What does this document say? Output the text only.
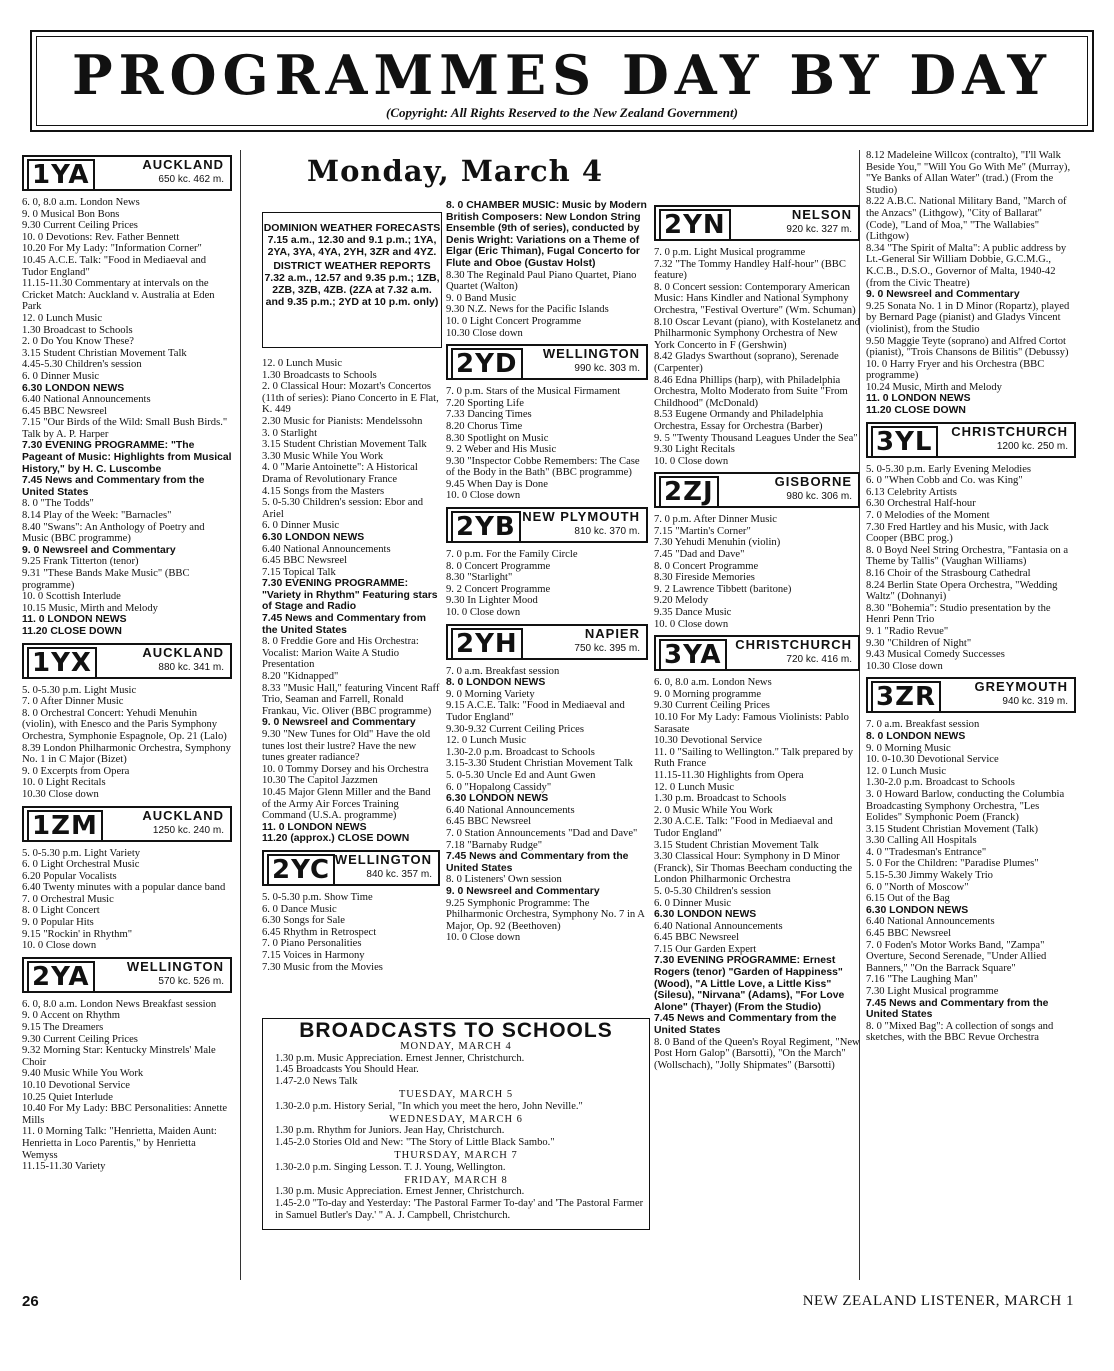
PROGRAMMES DAY BY DAY
(Copyright: All Rights Reserved to the New Zealand Government)
Monday, March 4
DOMINION WEATHER FORECASTS
7.15 a.m., 12.30 and 9.1 p.m.; 1YA, 2YA, 3YA, 4YA, 2YH, 3ZR and 4YZ.
DISTRICT WEATHER REPORTS
7.32 a.m., 12.57 and 9.35 p.m.; 1ZB, 2ZB, 3ZB, 4ZB. (2ZA at 7.32 a.m. and 9.35 p.m.; 2YD at 10 p.m. only)
1YA	AUCKLAND
650 kc. 462 m.

6. 0, 8.0 a.m. London News

9. 0 Musical Bon Bons

9.30 Current Ceiling Prices

10. 0 Devotions: Rev. Father Bennett

10.20 For My Lady: "Information Corner"

10.45 A.C.E. Talk: "Food in Mediaeval and Tudor England"

11.15-11.30 Commentary at intervals on the Cricket Match: Auckland v. Australia at Eden Park

12. 0 Lunch Music

1.30 Broadcast to Schools

2. 0 Do You Know These?

3.15 Student Christian Movement Talk

4.45-5.30 Children's session

6. 0 Dinner Music

6.30 LONDON NEWS

6.40 National Announcements

6.45 BBC Newsreel

7.15 "Our Birds of the Wild: Small Bush Birds." Talk by A. P. Harper

7.30 EVENING PROGRAMME: "The Pageant of Music: Highlights from Musical History," by H. C. Luscombe

7.45 News and Commentary from the United States

8. 0 "The Todds"

8.14 Play of the Week: "Barnacles"

8.40 "Swans": An Anthology of Poetry and Music (BBC programme)

9. 0 Newsreel and Commentary

9.25 Frank Titterton (tenor)

9.31 "These Bands Make Music" (BBC programme)

10. 0 Scottish Interlude

10.15 Music, Mirth and Melody

11. 0 LONDON NEWS

11.20 CLOSE DOWN

1YX	AUCKLAND
880 kc. 341 m.

5. 0-5.30 p.m. Light Music

7. 0 After Dinner Music

8. 0 Orchestral Concert: Yehudi Menuhin (violin), with Enesco and the Paris Symphony Orchestra, Symphonie Espagnole, Op. 21 (Lalo)

8.39 London Philharmonic Orchestra, Symphony No. 1 in C Major (Bizet)

9. 0 Excerpts from Opera

10. 0 Light Recitals

10.30 Close down

1ZM	AUCKLAND
1250 kc. 240 m.

5. 0-5.30 p.m. Light Variety

6. 0 Light Orchestral Music

6.20 Popular Vocalists

6.40 Twenty minutes with a popular dance band

7. 0 Orchestral Music

8. 0 Light Concert

9. 0 Popular Hits

9.15 "Rockin' in Rhythm"

10. 0 Close down

2YA	WELLINGTON
570 kc. 526 m.

6. 0, 8.0 a.m. London News Breakfast session

9. 0 Accent on Rhythm

9.15 The Dreamers

9.30 Current Ceiling Prices

9.32 Morning Star: Kentucky Minstrels' Male Choir

9.40 Music While You Work

10.10 Devotional Service

10.25 Quiet Interlude

10.40 For My Lady: BBC Personalities: Annette Mills

11. 0 Morning Talk: "Henrietta, Maiden Aunt: Henrietta in Loco Parentis," by Henrietta Wemyss

11.15-11.30 Variety

12. 0 Lunch Music

1.30 Broadcasts to Schools

2. 0 Classical Hour: Mozart's Concertos (11th of series): Piano Concerto in E Flat, K. 449

2.30 Music for Pianists: Mendelssohn

3. 0 Starlight

3.15 Student Christian Movement Talk

3.30 Music While You Work

4. 0 "Marie Antoinette": A Historical Drama of Revolutionary France

4.15 Songs from the Masters

5. 0-5.30 Children's session: Ebor and Ariel

6. 0 Dinner Music

6.30 LONDON NEWS

6.40 National Announcements

6.45 BBC Newsreel

7.15 Topical Talk

7.30 EVENING PROGRAMME: "Variety in Rhythm" Featuring stars of Stage and Radio

7.45 News and Commentary from the United States

8. 0 Freddie Gore and His Orchestra: Vocalist: Marion Waite A Studio Presentation

8.20 "Kidnapped"

8.33 "Music Hall," featuring Vincent Raff Trio, Seaman and Farrell, Ronald Frankau, Vic. Oliver (BBC programme)

9. 0 Newsreel and Commentary

9.30 "New Tunes for Old" Have the old tunes lost their lustre? Have the new tunes greater radiance?

10. 0 Tommy Dorsey and his Orchestra

10.30 The Capitol Jazzmen

10.45 Major Glenn Miller and the Band of the Army Air Forces Training Command (U.S.A. programme)

11. 0 LONDON NEWS

11.20 (approx.) CLOSE DOWN

2YC WELLINGTON
840 kc. 357 m.

5. 0-5.30 p.m. Show Time

6. 0 Dance Music

6.30 Songs for Sale

6.45 Rhythm in Retrospect

7. 0 Piano Personalities

7.15 Voices in Harmony

7.30 Music from the Movies

8. 0 CHAMBER MUSIC: Music by Modern British Composers: New London String Ensemble (9th of series), conducted by Denis Wright: Variations on a Theme of Elgar (Eric Thiman), Fugal Concerto for Flute and Oboe (Gustav Holst)

8.30 The Reginald Paul Piano Quartet, Piano Quartet (Walton)

9. 0 Band Music

9.30 N.Z. News for the Pacific Islands

10. 0 Light Concert Programme

10.30 Close down

2YD	WELLINGTON
990 kc. 303 m.

7. 0 p.m. Stars of the Musical Firmament

7.20 Sporting Life

7.33 Dancing Times

8.20 Chorus Time

8.30 Spotlight on Music

9. 2 Weber and His Music

9.30 "Inspector Cobbe Remembers: The Case of the Body in the Bath" (BBC programme)

9.45 When Day is Done

10. 0 Close down

2YB NEW PLYMOUTH
810 kc. 370 m.

7. 0 p.m. For the Family Circle

8. 0 Concert Programme

8.30 "Starlight"

9. 2 Concert Programme

9.30 In Lighter Mood

10. 0 Close down

2YH	NAPIER
750 kc. 395 m.

7. 0 a.m. Breakfast session

8. 0 LONDON NEWS

9. 0 Morning Variety

9.15 A.C.E. Talk: "Food in Mediaeval and Tudor England"

9.30-9.32 Current Ceiling Prices

12. 0 Lunch Music

1.30-2.0 p.m. Broadcast to Schools

3.15-3.30 Student Christian Movement Talk

5. 0-5.30 Uncle Ed and Aunt Gwen

6. 0 "Hopalong Cassidy"

6.30 LONDON NEWS

6.40 National Announcements

6.45 BBC Newsreel

7. 0 Station Announcements "Dad and Dave"

7.18 "Barnaby Rudge"

7.45 News and Commentary from the United States

8. 0 Listeners' Own session

9. 0 Newsreel and Commentary

9.25 Symphonic Programme: The Philharmonic Orchestra, Symphony No. 7 in A Major, Op. 92 (Beethoven)

10. 0 Close down

2YN	NELSON
920 kc. 327 m.

7. 0 p.m. Light Musical programme

7.32 "The Tommy Handley Half-hour" (BBC feature)

8. 0 Concert session: Contemporary American Music: Hans Kindler and National Symphony Orchestra, "Festival Overture" (Wm. Schuman)

8.10 Oscar Levant (piano), with Kostelanetz and Philharmonic Symphony Orchestra of New York Concerto in F (Gershwin)

8.42 Gladys Swarthout (soprano), Serenade (Carpenter)

8.46 Edna Phillips (harp), with Philadelphia Orchestra, Molto Moderato from Suite "From Childhood" (McDonald)

8.53 Eugene Ormandy and Philadelphia Orchestra, Essay for Orchestra (Barber)

9. 5 "Twenty Thousand Leagues Under the Sea"

9.30 Light Recitals

10. 0 Close down

2ZJ	GISBORNE
980 kc. 306 m.

7. 0 p.m. After Dinner Music

7.15 "Martin's Corner"

7.30 Yehudi Menuhin (violin)

7.45 "Dad and Dave"

8. 0 Concert Programme

8.30 Fireside Memories

9. 2 Lawrence Tibbett (baritone)

9.20 Melody

9.35 Dance Music

10. 0 Close down

3YA	CHRISTCHURCH
720 kc. 416 m.

6. 0, 8.0 a.m. London News

9. 0 Morning programme

9.30 Current Ceiling Prices

10.10 For My Lady: Famous Violinists: Pablo Sarasate

10.30 Devotional Service

11. 0 "Sailing to Wellington." Talk prepared by Ruth France

11.15-11.30 Highlights from Opera

12. 0 Lunch Music

1.30 p.m. Broadcast to Schools

2. 0 Music While You Work

2.30 A.C.E. Talk: "Food in Mediaeval and Tudor England"

3.15 Student Christian Movement Talk

3.30 Classical Hour: Symphony in D Minor (Franck), Sir Thomas Beecham conducting the London Philharmonic Orchestra

5. 0-5.30 Children's session

6. 0 Dinner Music

6.30 LONDON NEWS

6.40 National Announcements

6.45 BBC Newsreel

7.15 Our Garden Expert

7.30 EVENING PROGRAMME: Ernest Rogers (tenor) "Garden of Happiness" (Wood), "A Little Love, a Little Kiss" (Silesu), "Nirvana" (Adams), "For Love Alone" (Thayer) (From the Studio)

7.45 News and Commentary from the United States

8. 0 Band of the Queen's Royal Regiment, "New Post Horn Galop" (Barsotti), "On the March" (Wollschach), "Jolly Shipmates" (Barsotti)

8.12 Madeleine Willcox (contralto), "I'll Walk Beside You," "Will You Go With Me" (Murray), "Ye Banks of Allan Water" (trad.) (From the Studio)

8.22 A.B.C. National Military Band, "March of the Anzacs" (Lithgow), "City of Ballarat" (Code), "Land of Moa," "The Wallabies" (Lithgow)

8.34 "The Spirit of Malta": A public address by Lt.-General Sir William Dobbie, G.C.M.G., K.C.B., D.S.O., Governor of Malta, 1940-42 (from the Civic Theatre)

9. 0 Newsreel and Commentary

9.25 Sonata No. 1 in D Minor (Ropartz), played by Bernard Page (pianist) and Gladys Vincent (violinist), from the Studio

9.50 Maggie Teyte (soprano) and Alfred Cortot (pianist), "Trois Chansons de Bilitis" (Debussy)

10. 0 Harry Fryer and his Orchestra (BBC programme)

10.24 Music, Mirth and Melody

11. 0 LONDON NEWS

11.20 CLOSE DOWN

3YL	CHRISTCHURCH
1200 kc. 250 m.

5. 0-5.30 p.m. Early Evening Melodies

6. 0 "When Cobb and Co. was King"

6.13 Celebrity Artists

6.30 Orchestral Half-hour

7. 0 Melodies of the Moment

7.30 Fred Hartley and his Music, with Jack Cooper (BBC prog.)

8. 0 Boyd Neel String Orchestra, "Fantasia on a Theme by Tallis" (Vaughan Williams)

8.16 Choir of the Strasbourg Cathedral

8.24 Berlin State Opera Orchestra, "Wedding Waltz" (Dohnanyi)

8.30 "Bohemia": Studio presentation by the Henri Penn Trio

9. 1 "Radio Revue"

9.30 "Children of Night"

9.43 Musical Comedy Successes

10.30 Close down

3ZR	GREYMOUTH
940 kc. 319 m.

7. 0 a.m. Breakfast session

8. 0 LONDON NEWS

9. 0 Morning Music

10. 0-10.30 Devotional Service

12. 0 Lunch Music

1.30-2.0 p.m. Broadcast to Schools

3. 0 Howard Barlow, conducting the Columbia Broadcasting Symphony Orchestra, "Les Eolides" Symphonic Poem (Franck)

3.15 Student Christian Movement (Talk)

3.30 Calling All Hospitals

4. 0 "Tradesman's Entrance"

5. 0 For the Children: "Paradise Plumes"

5.15-5.30 Jimmy Wakely Trio

6. 0 "North of Moscow"

6.15 Out of the Bag

6.30 LONDON NEWS

6.40 National Announcements

6.45 BBC Newsreel

7. 0 Foden's Motor Works Band, "Zampa" Overture, Second Serenade, "Under Allied Banners," "On the Barrack Square"

7.16 "The Laughing Man"

7.30 Light Musical programme

7.45 News and Commentary from the United States

8. 0 "Mixed Bag": A collection of songs and sketches, with the BBC Revue Orchestra

BROADCASTS TO SCHOOLS
MONDAY, MARCH 4
1.30 p.m. Music Appreciation. Ernest Jenner, Christchurch.
1.45 Broadcasts You Should Hear.
1.47-2.0 News Talk
TUESDAY, MARCH 5
1.30-2.0 p.m. History Serial, "In which you meet the hero, John Neville."
WEDNESDAY, MARCH 6
1.30 p.m. Rhythm for Juniors. Jean Hay, Christchurch.
1.45-2.0 Stories Old and New: "The Story of Little Black Sambo."
THURSDAY, MARCH 7
1.30-2.0 p.m. Singing Lesson. T. J. Young, Wellington.
FRIDAY, MARCH 8
1.30 p.m. Music Appreciation. Ernest Jenner, Christchurch.
1.45-2.0 "To-day and Yesterday: 'The Pastoral Farmer To-day' and 'The Pastoral Farmer in Samuel Butler's Day.' " A. J. Campbell, Christchurch.
26	NEW ZEALAND LISTENER, MARCH 1
